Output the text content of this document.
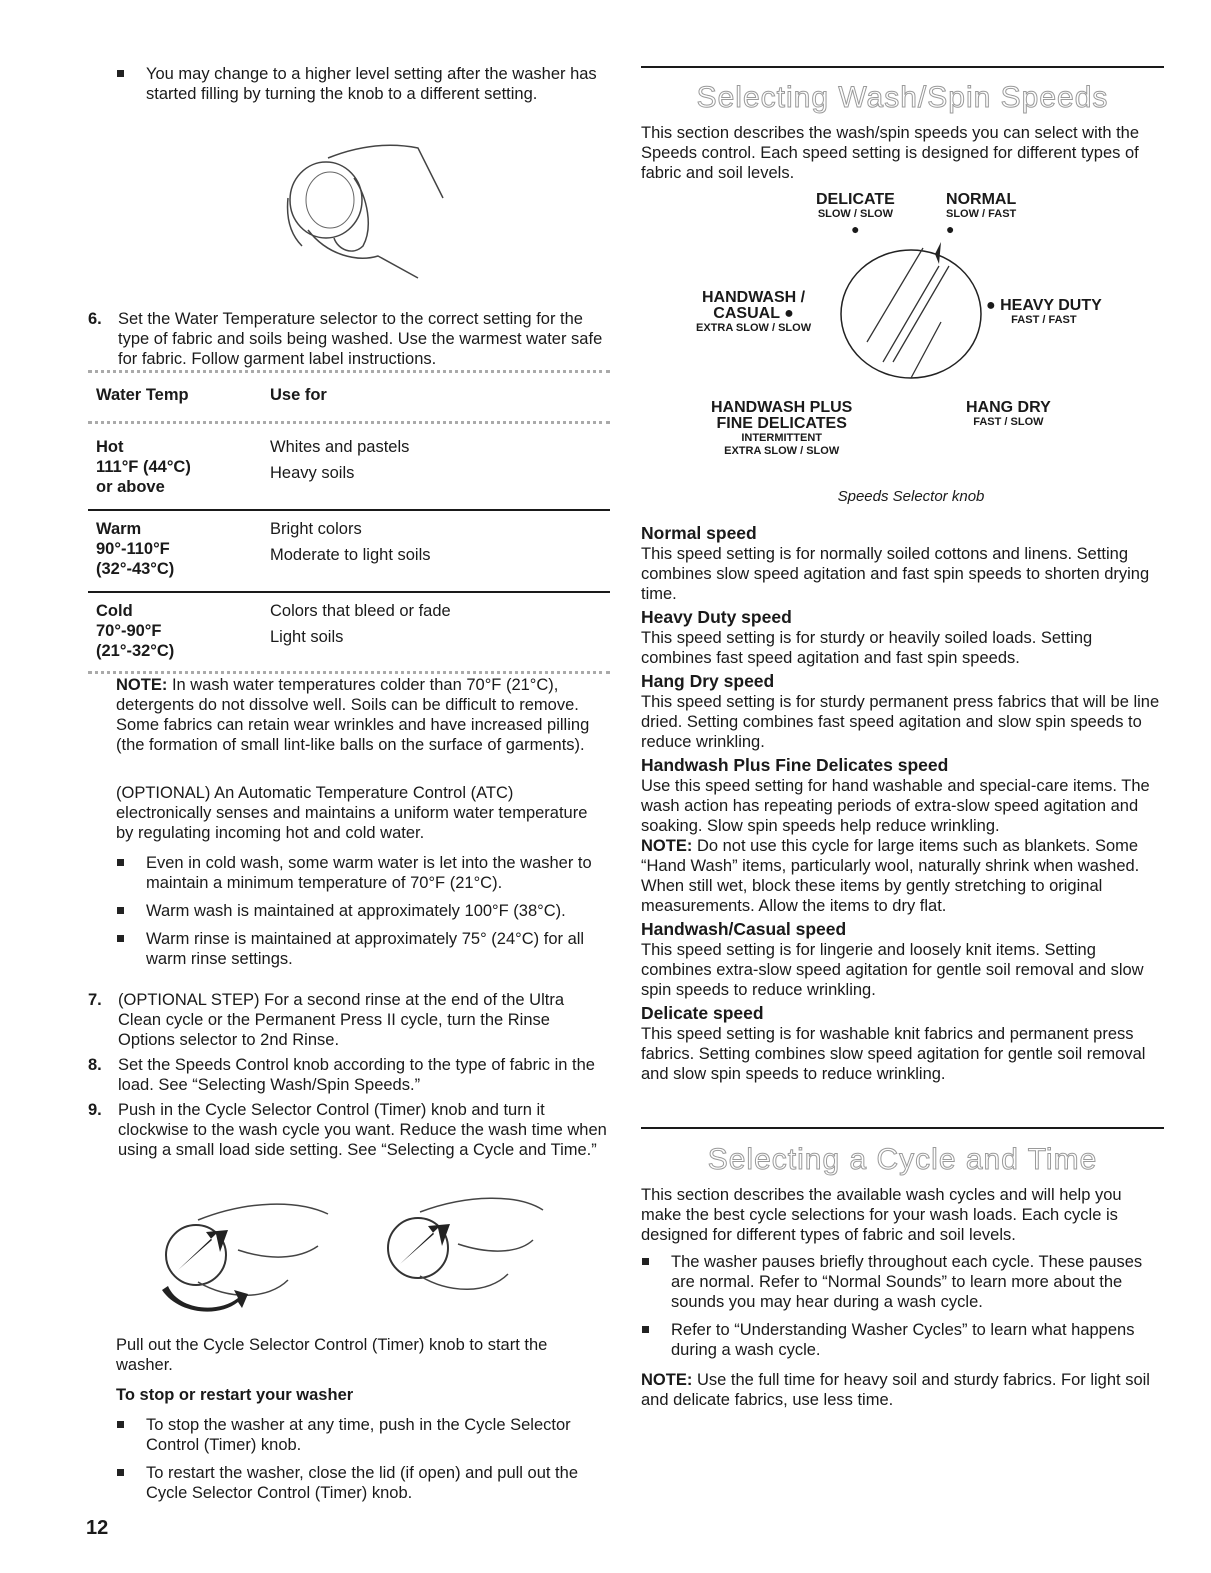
You may change to a higher level setting after the washer has started filling by turning the knob to a different setting.

6. Set the Water Temperature selector to the correct setting for the type of fabric and soils being washed. Use the warmest water safe for fabric. Follow garment label instructions.

Water Temp	Use for
Hot
111°F (44°C)
or above
Whites and pastels
Heavy soils
Warm
90°-110°F
(32°-43°C)
Bright colors
Moderate to light soils
Cold
70°-90°F
(21°-32°C)
Colors that bleed or fade
Light soils

NOTE: In wash water temperatures colder than 70°F (21°C), detergents do not dissolve well. Soils can be difficult to remove. Some fabrics can retain wear wrinkles and have increased pilling (the formation of small lint-like balls on the surface of garments).

(OPTIONAL) An Automatic Temperature Control (ATC) electronically senses and maintains a uniform water temperature by regulating incoming hot and cold water.

Even in cold wash, some warm water is let into the washer to maintain a minimum temperature of 70°F (21°C).

Warm wash is maintained at approximately 100°F (38°C).

Warm rinse is maintained at approximately 75° (24°C) for all warm rinse settings.

7. (OPTIONAL STEP) For a second rinse at the end of the Ultra Clean cycle or the Permanent Press II cycle, turn the Rinse Options selector to 2nd Rinse.

8. Set the Speeds Control knob according to the type of fabric in the load. See “Selecting Wash/Spin Speeds.”

9. Push in the Cycle Selector Control (Timer) knob and turn it clockwise to the wash cycle you want. Reduce the wash time when using a small load side setting. See “Selecting a Cycle and Time.”

Pull out the Cycle Selector Control (Timer) knob to start the washer.

To stop or restart your washer

To stop the washer at any time, push in the Cycle Selector Control (Timer) knob.

To restart the washer, close the lid (if open) and pull out the Cycle Selector Control (Timer) knob.

12
Selecting Wash/Spin Speeds

This section describes the wash/spin speeds you can select with the Speeds control. Each speed setting is designed for different types of fabric and soil levels.

DELICATE
SLOW / SLOW
●
NORMAL
SLOW / FAST
●
HANDWASH /
CASUAL ●
EXTRA SLOW / SLOW
● HEAVY DUTY
FAST / FAST
HANDWASH PLUS
FINE DELICATES
INTERMITTENT
EXTRA SLOW / SLOW
HANG DRY
FAST / SLOW
Speeds Selector knob
Normal speed

This speed setting is for normally soiled cottons and linens. Setting combines slow speed agitation and fast spin speeds to shorten drying time.

Heavy Duty speed

This speed setting is for sturdy or heavily soiled loads. Setting combines fast speed agitation and fast spin speeds.

Hang Dry speed

This speed setting is for sturdy permanent press fabrics that will be line dried. Setting combines fast speed agitation and slow spin speeds to reduce wrinkling.

Handwash Plus Fine Delicates speed

Use this speed setting for hand washable and special-care items. The wash action has repeating periods of extra-slow speed agitation and soaking. Slow spin speeds help reduce wrinkling.

NOTE: Do not use this cycle for large items such as blankets. Some “Hand Wash” items, particularly wool, naturally shrink when washed. When still wet, block these items by gently stretching to original measurements. Allow the items to dry flat.

Handwash/Casual speed

This speed setting is for lingerie and loosely knit items. Setting combines extra-slow speed agitation for gentle soil removal and slow spin speeds to reduce wrinkling.

Delicate speed

This speed setting is for washable knit fabrics and permanent press fabrics. Setting combines slow speed agitation for gentle soil removal and slow spin speeds to reduce wrinkling.

Selecting a Cycle and Time

This section describes the available wash cycles and will help you make the best cycle selections for your wash loads. Each cycle is designed for different types of fabric and soil levels.

The washer pauses briefly throughout each cycle. These pauses are normal. Refer to “Normal Sounds” to learn more about the sounds you may hear during a wash cycle.

Refer to “Understanding Washer Cycles” to learn what happens during a wash cycle.

NOTE: Use the full time for heavy soil and sturdy fabrics. For light soil and delicate fabrics, use less time.
